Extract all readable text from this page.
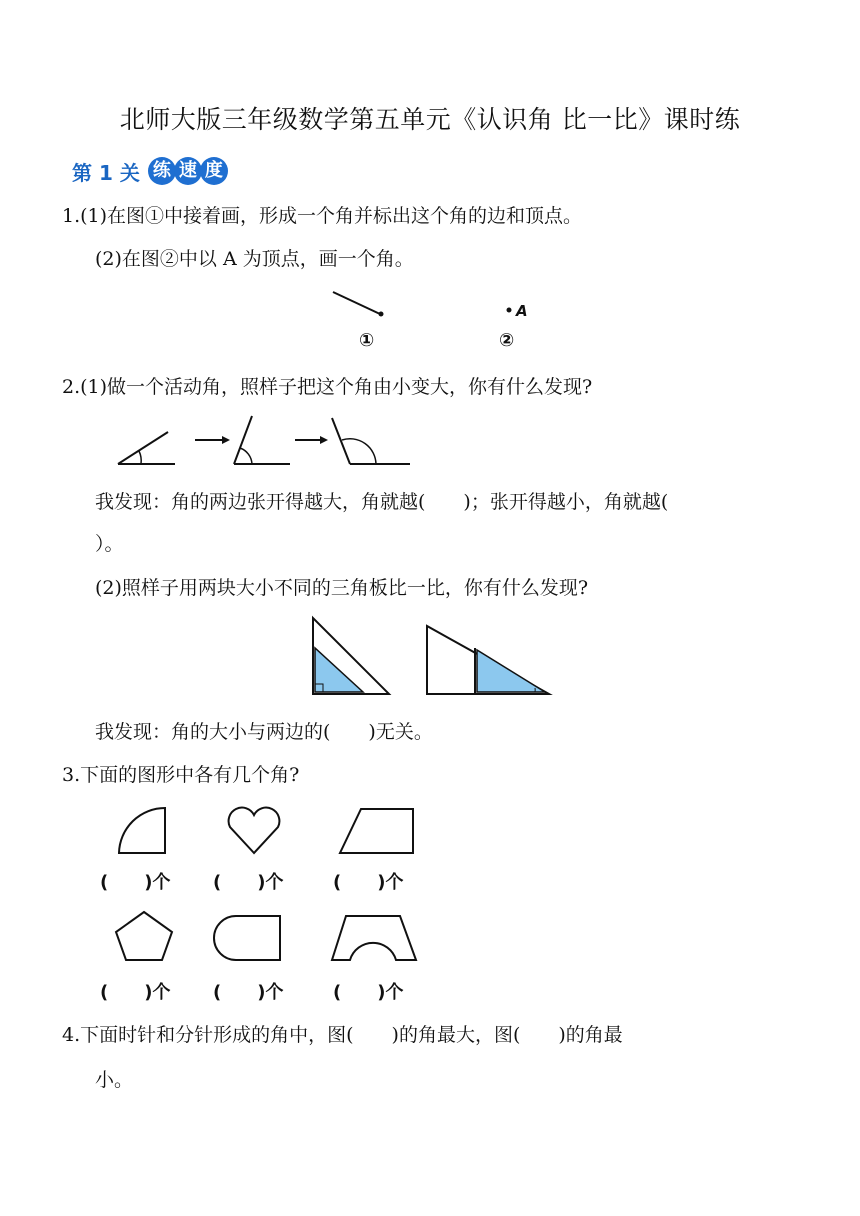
北师大版三年级数学第五单元《认识角 比一比》课时练
第 1 关 练 速 度
1.(1)在图①中接着画，形成一个角并标出这个角的边和顶点。
(2)在图②中以 A 为顶点，画一个角。
①
A
②
2.(1)做一个活动角，照样子把这个角由小变大，你有什么发现?
我发现：角的两边张开得越大，角就越(　　)；张开得越小，角就越(
）。
(2)照样子用两块大小不同的三角板比一比，你有什么发现?
我发现：角的大小与两边的(　　)无关。
3.下面的图形中各有几个角?
(　　)个 (　　)个	(　　)个
(　　)个 (　　)个	(　　)个
4.下面时针和分针形成的角中，图(　　)的角最大，图(　　)的角最
小。
